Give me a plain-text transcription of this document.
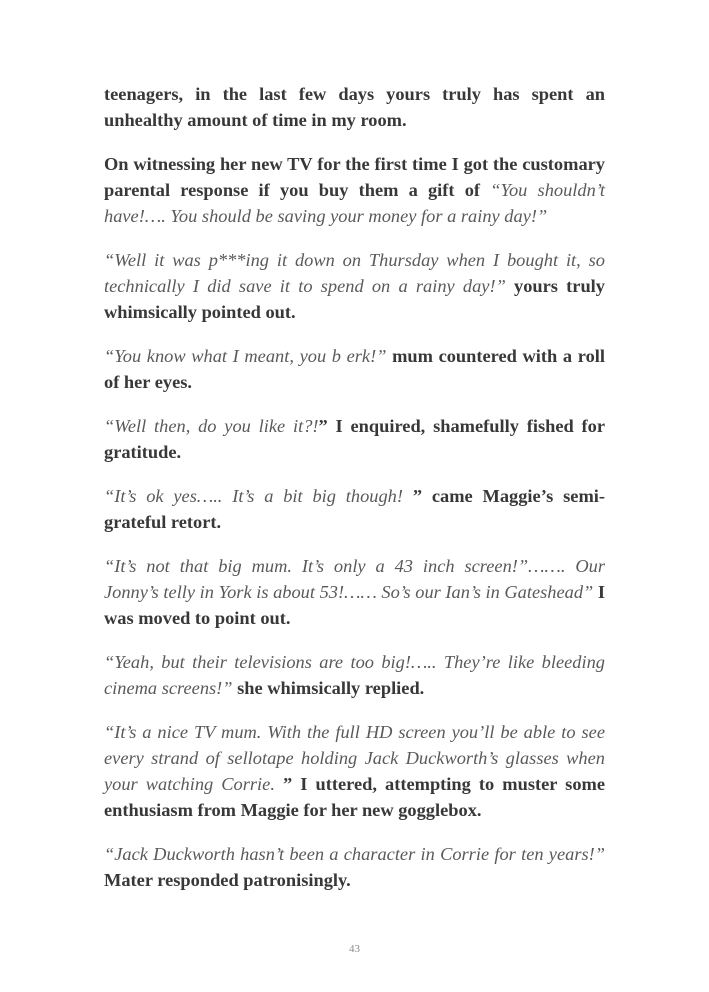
teenagers, in the last few days yours truly has spent an unhealthy amount of time in my room.

On witnessing her new TV for the first time I got the customary parental response if you buy them a gift of “You shouldn’t have!…. You should be saving your money for a rainy day!”

“Well it was p***ing it down on Thursday when I bought it, so technically I did save it to spend on a rainy day!” yours truly whimsically pointed out.

“You know what I meant, you b erk!” mum countered with a roll of her eyes.

“Well then, do you like it?!” I enquired, shamefully fished for gratitude.

“It’s ok yes….. It’s a bit big though! ” came Maggie’s semi-grateful retort.

“It’s not that big mum. It’s only a 43 inch screen!”……. Our Jonny’s telly in York is about 53!…… So’s our Ian’s in Gateshead” I was moved to point out.

“Yeah, but their televisions are too big!….. They’re like bleeding cinema screens!” she whimsically replied.

“It’s a nice TV mum. With the full HD screen you’ll be able to see every strand of sellotape holding Jack Duckworth’s glasses when your watching Corrie. ” I uttered, attempting to muster some enthusiasm from Maggie for her new gogglebox.

“Jack Duckworth hasn’t been a character in Corrie for ten years!” Mater responded patronisingly.

43
